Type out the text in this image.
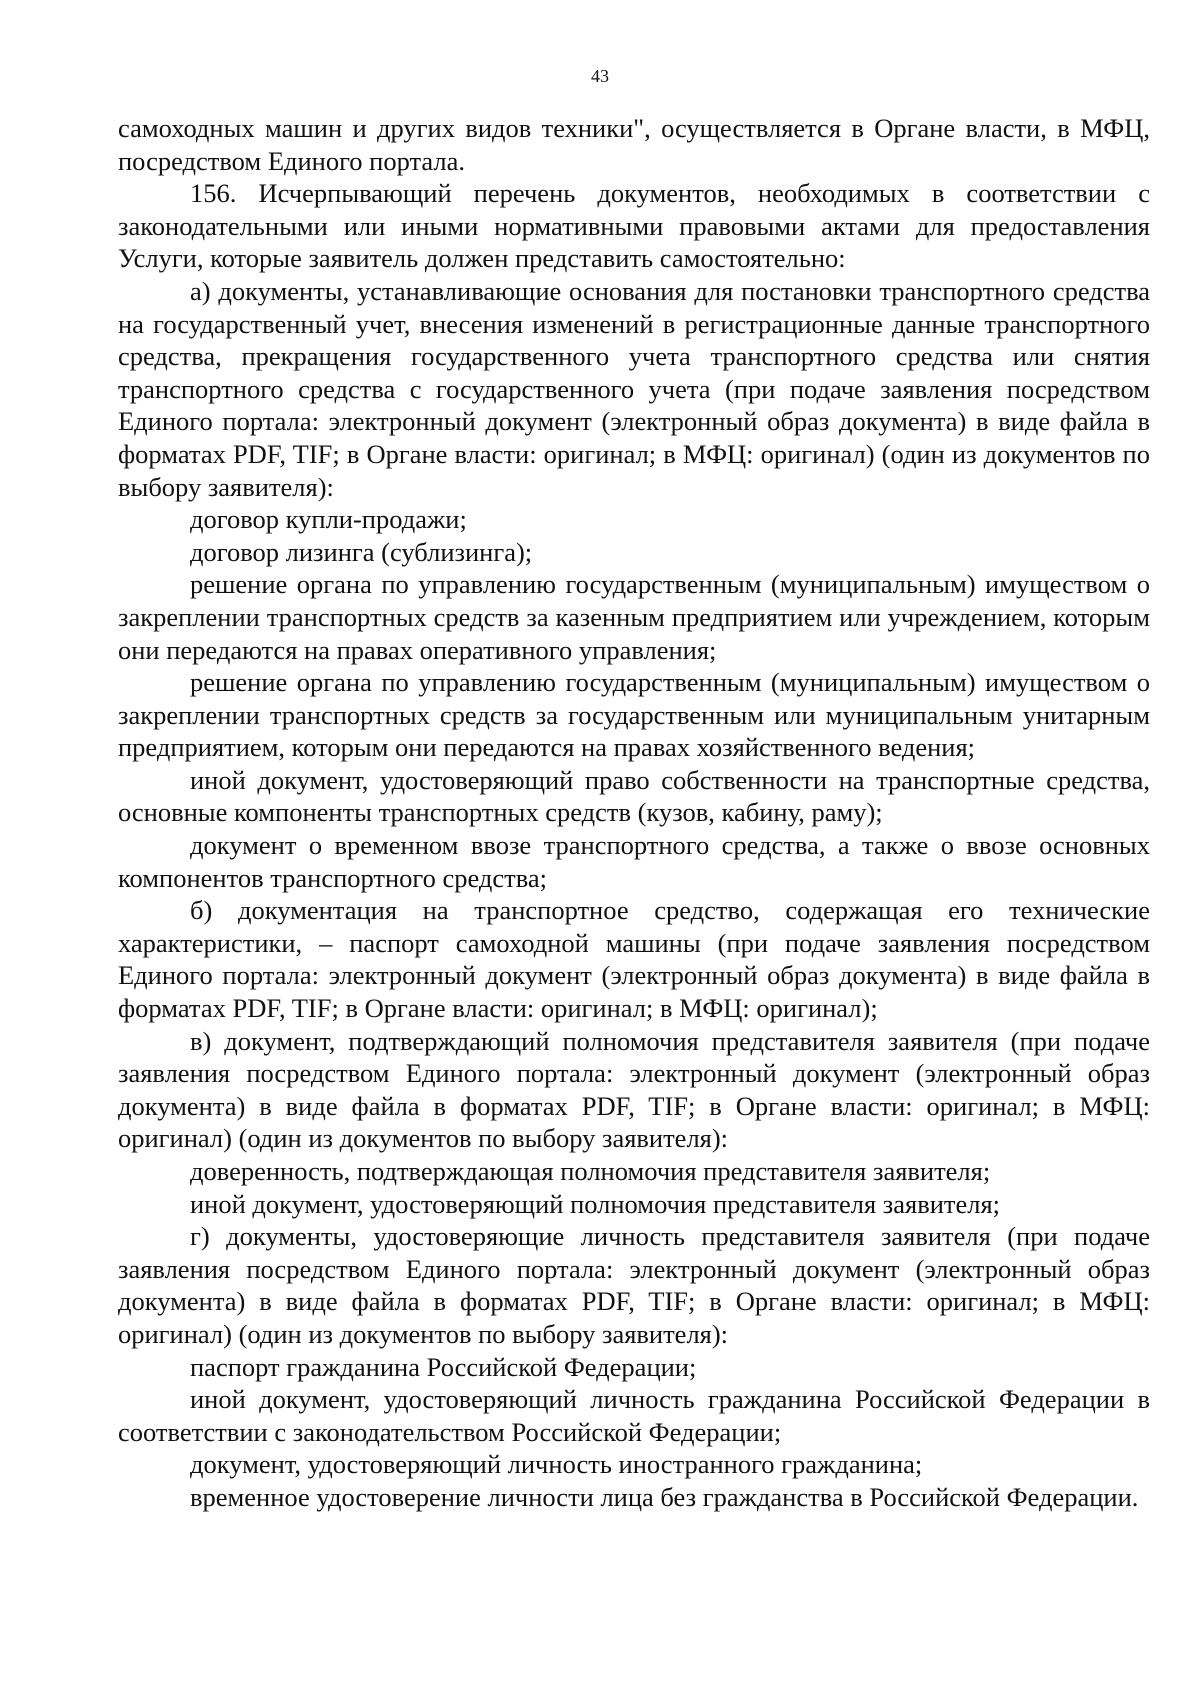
43

самоходных машин и других видов техники", осуществляется в Органе власти, в МФЦ, посредством Единого портала.

156. Исчерпывающий перечень документов, необходимых в соответствии с законодательными или иными нормативными правовыми актами для предоставления Услуги, которые заявитель должен представить самостоятельно:

а) документы, устанавливающие основания для постановки транспортного средства на государственный учет, внесения изменений в регистрационные данные транспортного средства, прекращения государственного учета транспортного средства или снятия транспортного средства с государственного учета (при подаче заявления посредством Единого портала: электронный документ (электронный образ документа) в виде файла в форматах PDF, TIF; в Органе власти: оригинал; в МФЦ: оригинал) (один из документов по выбору заявителя):

договор купли-продажи;

договор лизинга (сублизинга);

решение органа по управлению государственным (муниципальным) имуществом о закреплении транспортных средств за казенным предприятием или учреждением, которым они передаются на правах оперативного управления;

решение органа по управлению государственным (муниципальным) имуществом о закреплении транспортных средств за государственным или муниципальным унитарным предприятием, которым они передаются на правах хозяйственного ведения;

иной документ, удостоверяющий право собственности на транспортные средства, основные компоненты транспортных средств (кузов, кабину, раму);

документ о временном ввозе транспортного средства, а также о ввозе основных компонентов транспортного средства;

б) документация на транспортное средство, содержащая его технические характеристики, – паспорт самоходной машины (при подаче заявления посредством Единого портала: электронный документ (электронный образ документа) в виде файла в форматах PDF, TIF; в Органе власти: оригинал; в МФЦ: оригинал);

в) документ, подтверждающий полномочия представителя заявителя (при подаче заявления посредством Единого портала: электронный документ (электронный образ документа) в виде файла в форматах PDF, TIF; в Органе власти: оригинал; в МФЦ: оригинал) (один из документов по выбору заявителя):

доверенность, подтверждающая полномочия представителя заявителя;

иной документ, удостоверяющий полномочия представителя заявителя;

г) документы, удостоверяющие личность представителя заявителя (при подаче заявления посредством Единого портала: электронный документ (электронный образ документа) в виде файла в форматах PDF, TIF; в Органе власти: оригинал; в МФЦ: оригинал) (один из документов по выбору заявителя):

паспорт гражданина Российской Федерации;

иной документ, удостоверяющий личность гражданина Российской Федерации в соответствии с законодательством Российской Федерации;

документ, удостоверяющий личность иностранного гражданина;

временное удостоверение личности лица без гражданства в Российской Федерации.
